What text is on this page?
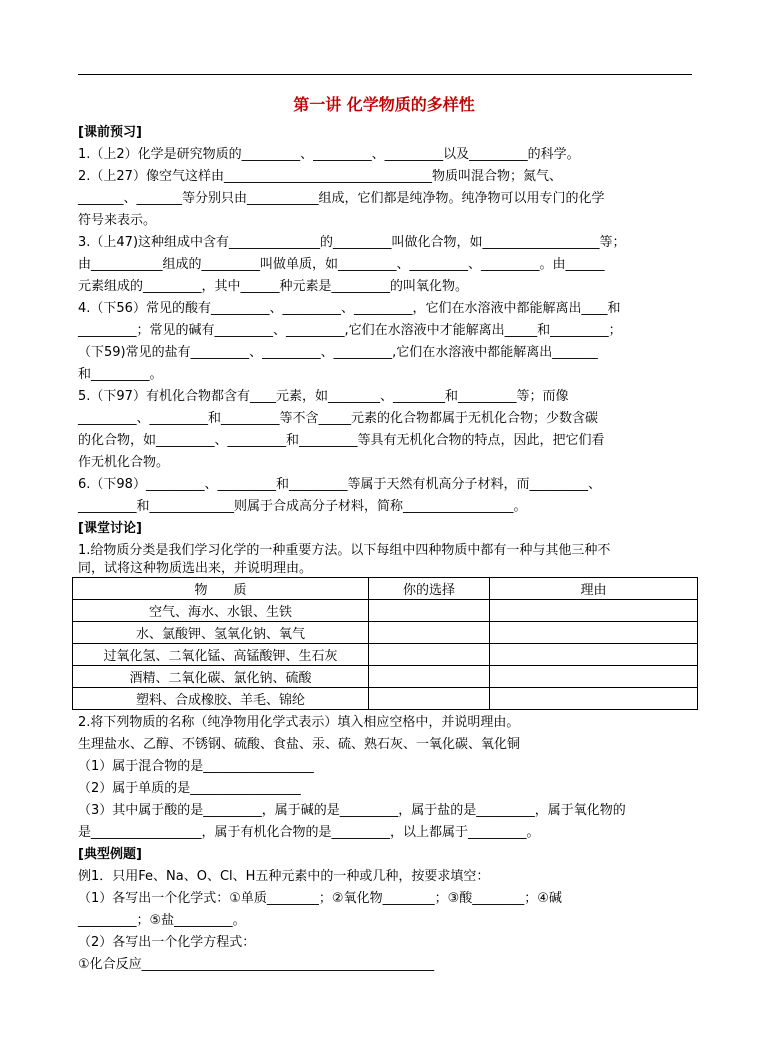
第一讲 化学物质的多样性
[课前预习]
1.（上2）化学是研究物质的_________、_________、_________以及_________的科学。
2.（上27）像空气这样由________________________________物质叫混合物；氮气、
_______、_______等分别只由___________组成，它们都是纯净物。纯净物可以用专门的化学
符号来表示。
3.（上47)这种组成中含有______________的_________叫做化合物，如__________________等；
由___________组成的_________叫做单质，如_________、_________、_________。由______
元素组成的_________，其中______种元素是_________的叫氧化物。
4.（下56）常见的酸有_________、_________、_________，它们在水溶液中都能解离出____和
_________；常见的碱有_________、_________,它们在水溶液中才能解离出_____和_________；
（下59)常见的盐有_________、_________、_________,它们在水溶液中都能解离出_______
和_________。
5.（下97）有机化合物都含有____元素，如________、________和_________等；而像
_________、_________和_________等不含_____元素的化合物都属于无机化合物；少数含碳
的化合物，如_________、_________和_________等具有无机化合物的特点，因此，把它们看
作无机化合物。
6.（下98）_________、_________和_________等属于天然有机高分子材料，而_________、
_________和_____________则属于合成高分子材料，简称_________________。
[课堂讨论]
1.给物质分类是我们学习化学的一种重要方法。以下每组中四种物质中都有一种与其他三种不
同，试将这种物质选出来，并说明理由。
物　　质	你的选择	理由
空气、海水、水银、生铁		
水、氯酸钾、氢氧化钠、氧气		
过氧化氢、二氧化锰、高锰酸钾、生石灰		
酒精、二氧化碳、氯化钠、硫酸		
塑料、合成橡胶、羊毛、锦纶		
2.将下列物质的名称（纯净物用化学式表示）填入相应空格中，并说明理由。
生理盐水、乙醇、不锈钢、硫酸、食盐、汞、硫、熟石灰、一氧化碳、氧化铜
（1）属于混合物的是_________________
（2）属于单质的是_________________
（3）其中属于酸的是_________，属于碱的是_________，属于盐的是_________，属于氧化物的
是_________________，属于有机化合物的是_________，以上都属于_________。
[典型例题]
例1．只用Fe、Na、O、Cl、H五种元素中的一种或几种，按要求填空：
（1）各写出一个化学式：①单质________；②氧化物________；③酸________；④碱
_________；⑤盐_________。
（2）各写出一个化学方程式：
①化合反应_____________________________________________
